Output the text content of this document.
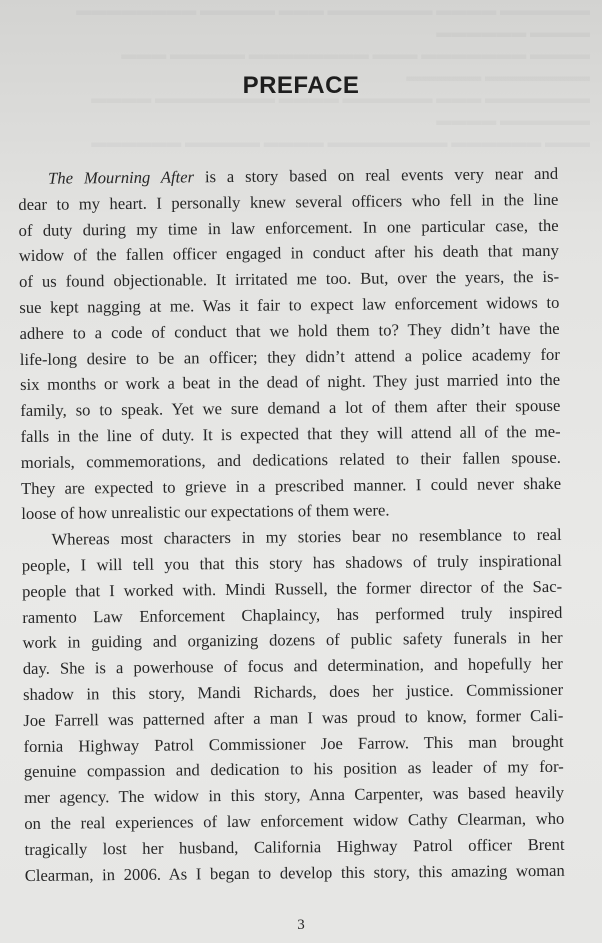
▬▬▬▬▬▬ ▬▬▬▬ ▬▬▬▬▬▬▬ ▬▬▬ ▬▬▬▬▬ ▬▬▬▬▬▬▬▬ ▬▬▬▬ ▬▬▬▬▬▬
▬▬▬▬ ▬▬▬▬▬▬▬ ▬▬▬ ▬▬▬▬▬▬▬▬ ▬▬▬▬▬ ▬▬▬ ▬▬▬▬▬▬▬ ▬▬▬▬▬
▬▬▬▬▬▬▬ ▬▬▬ ▬▬▬▬▬▬ ▬▬▬▬ ▬▬▬▬▬▬▬▬ ▬▬▬▬ ▬▬▬▬▬▬ ▬▬▬▬
▬▬▬ ▬▬▬▬▬▬ ▬▬▬▬▬▬▬▬ ▬▬▬▬ ▬▬▬▬▬ ▬▬▬▬▬▬

PREFACE
The Mourning After is a story based on real events very near and
dear to my heart. I personally knew several officers who fell in the line
of duty during my time in law enforcement. In one particular case, the
widow of the fallen officer engaged in conduct after his death that many
of us found objectionable. It irritated me too. But, over the years, the is-
sue kept nagging at me. Was it fair to expect law enforcement widows to
adhere to a code of conduct that we hold them to? They didn’t have the
life-long desire to be an officer; they didn’t attend a police academy for
six months or work a beat in the dead of night. They just married into the
family, so to speak. Yet we sure demand a lot of them after their spouse
falls in the line of duty. It is expected that they will attend all of the me-
morials, commemorations, and dedications related to their fallen spouse.
They are expected to grieve in a prescribed manner. I could never shake
loose of how unrealistic our expectations of them were.
Whereas most characters in my stories bear no resemblance to real
people, I will tell you that this story has shadows of truly inspirational
people that I worked with. Mindi Russell, the former director of the Sac-
ramento Law Enforcement Chaplaincy, has performed truly inspired
work in guiding and organizing dozens of public safety funerals in her
day. She is a powerhouse of focus and determination, and hopefully her
shadow in this story, Mandi Richards, does her justice. Commissioner
Joe Farrell was patterned after a man I was proud to know, former Cali-
fornia Highway Patrol Commissioner Joe Farrow. This man brought
genuine compassion and dedication to his position as leader of my for-
mer agency. The widow in this story, Anna Carpenter, was based heavily
on the real experiences of law enforcement widow Cathy Clearman, who
tragically lost her husband, California Highway Patrol officer Brent
Clearman, in 2006. As I began to develop this story, this amazing woman
3
